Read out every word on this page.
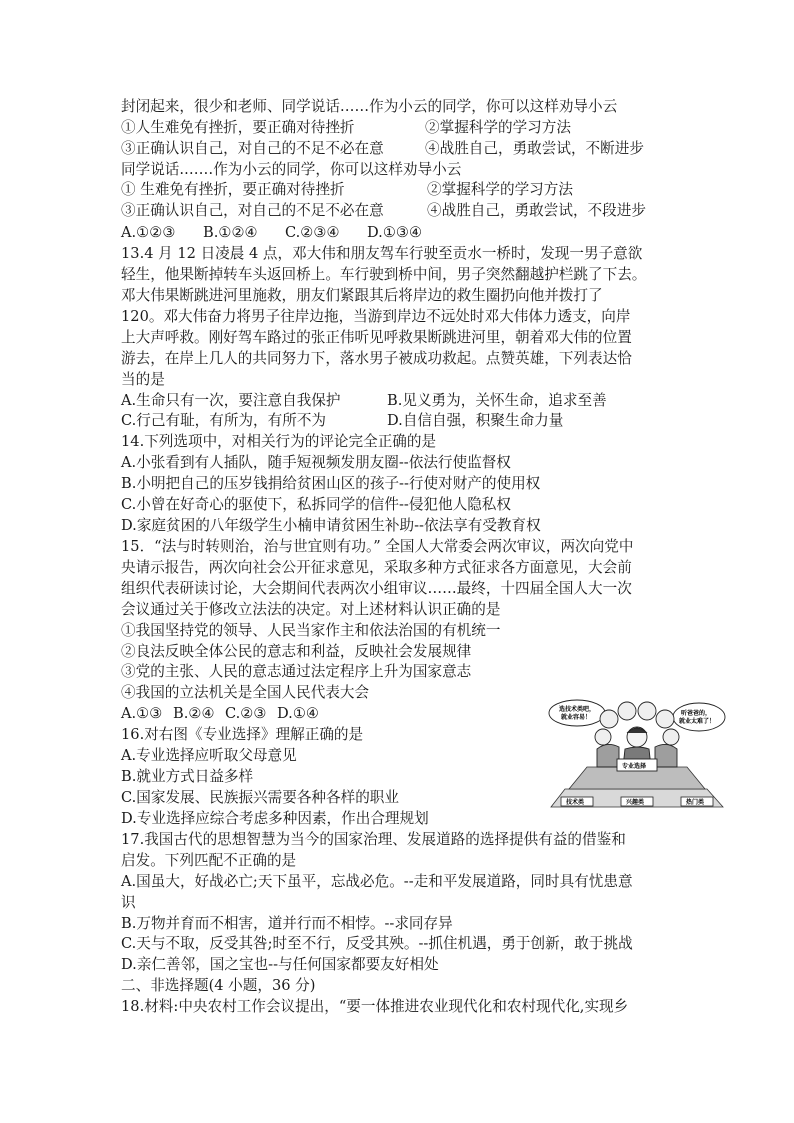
封闭起来，很少和老师、同学说话……作为小云的同学，你可以这样劝导小云
①人生难免有挫折，要正确对待挫折	②掌握科学的学习方法
③正确认识自己，对自己的不足不必在意	④战胜自己，勇敢尝试，不断进步
同学说话.……作为小云的同学，你可以这样劝导小云
① 生难免有挫折，要正确对待挫折	②掌握科学的学习方法
③正确认识自己，对自己的不足不必在意	④战胜自己，勇敢尝试，不段进步
A.①②③ B.①②④ C.②③④ D.①③④
13.4 月 12 日凌晨 4 点，邓大伟和朋友驾车行驶至贡水一桥时，发现一男子意欲
轻生，他果断掉转车头返回桥上。车行驶到桥中间，男子突然翻越护栏跳了下去。
邓大伟果断跳进河里施救，朋友们紧跟其后将岸边的救生圈扔向他并拨打了
120。邓大伟奋力将男子往岸边拖，当游到岸边不远处时邓大伟体力透支，向岸
上大声呼救。刚好驾车路过的张正伟听见呼救果断跳进河里，朝着邓大伟的位置
游去，在岸上几人的共同努力下，落水男子被成功救起。点赞英雄，下列表达恰
当的是
A.生命只有一次，要注意自我保护	B.见义勇为，关怀生命，追求至善
C.行己有耻，有所为，有所不为	D.自信自强，积聚生命力量
14.下列选项中，对相关行为的评论完全正确的是
A.小张看到有人插队，随手短视频发朋友圈--依法行使监督权
B.小明把自己的压岁钱捐给贫困山区的孩子--行使对财产的使用权
C.小曾在好奇心的驱使下，私拆同学的信件--侵犯他人隐私权
D.家庭贫困的八年级学生小楠申请贫困生补助--依法享有受教育权
15．“法与时转则治，治与世宜则有功。” 全国人大常委会两次审议，两次向党中
央请示报告，两次向社会公开征求意见，采取多种方式征求各方面意见，大会前
组织代表研读讨论，大会期间代表两次小组审议……最终，十四届全国人大一次
会议通过关于修改立法法的决定。对上述材料认识正确的是
①我国坚持党的领导、人民当家作主和依法治国的有机统一
②良法反映全体公民的意志和利益，反映社会发展规律
③党的主张、人民的意志通过法定程序上升为国家意志
④我国的立法机关是全国人民代表大会
A.①③ B.②④ C.②③ D.①④
16.对右图《专业选择》理解正确的是
A.专业选择应听取父母意见
B.就业方式日益多样
C.国家发展、民族振兴需要各种各样的职业
D.专业选择应综合考虑多种因素，作出合理规划
17.我国古代的思想智慧为当今的国家治理、发展道路的选择提供有益的借鉴和
启发。下列匹配不正确的是
A.国虽大，好战必亡;天下虽平，忘战必危。--走和平发展道路，同时具有忧患意
识
B.万物并育而不相害，道并行而不相悖。--求同存异
C.天与不取，反受其咎;时至不行，反受其殃。--抓住机遇，勇于创新，敢于挑战
D.亲仁善邻，国之宝也--与任何国家都要友好相处
二、非选择题(4 小题，36 分)
18.材料:中央农村工作会议提出，“要一体推进农业现代化和农村现代化,实现乡
选技术类吧，
就业容易！
听爸爸的，
就业太难了！
专业选择
技术类	兴趣类	热门类
